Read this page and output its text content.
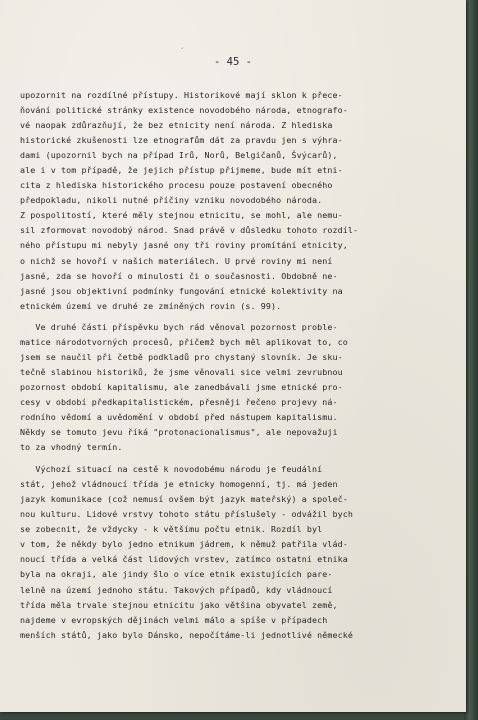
ˏ
- 45 -
upozornit na rozdílné přístupy. Historikové mají sklon k přece-
ňování politické stránky existence novodobého národa, etnografo-
vé naopak zdůrazňují, že bez etnicity není národa. Z hlediska
historické zkušenosti lze etnografům dát za pravdu jen s výhra-
dami (upozornil bych na případ Irů, Norů, Belgičanů, Švýcarů),
ale i v tom případě, že jejich přístup přijmeme, bude mít etni-
cita z hlediska historického procesu pouze postavení obecného
předpokladu, nikoli nutné příčiny vzniku novodobého národa.
Z pospolitostí, které měly stejnou etnicitu, se mohl, ale nemu-
sil zformovat novodobý národ. Snad právě v důsledku tohoto rozdíl-
ného přístupu mi nebyly jasné ony tři roviny promítání etnicity,
o nichž se hovoří v našich materiálech. U prvé roviny mi není
jasné, zda se hovoří o minulosti či o současnosti. Obdobně ne-
jasné jsou objektivní podmínky fungování etnické kolektivity na
etnickém území ve druhé ze zmíněných rovin (s. 99).
Ve druhé části příspěvku bych rád věnoval pozornost proble-
matice národotvorných procesů, přičemž bych měl aplikovat to, co
jsem se naučil při četbě podkladů pro chystaný slovník. Je sku-
tečně slabinou historiků, že jsme věnovali sice velmi zevrubnou
pozornost období kapitalismu, ale zanedbávali jsme etnické pro-
cesy v období předkapitalistickém, přesněji řečeno projevy ná-
rodního vědomí a uvědomění v období před nástupem kapitalismu.
Někdy se tomuto jevu říká "protonacionalismus", ale nepovažuji
to za vhodný termín.
Výchozí situací na cestě k novodobému národu je feudální
stát, jehož vládnoucí třída je etnicky homogenní, tj. má jeden
jazyk komunikace (což nemusí ovšem být jazyk mateřský) a společ-
nou kulturu. Lidové vrstvy tohoto státu příslušely - odvážil bych
se zobecnit, že vždycky - k většímu počtu etnik. Rozdíl byl
v tom, že někdy bylo jedno etnikum jádrem, k němuž patřila vlád-
noucí třída a velká část lidových vrstev, zatímco ostatní etnika
byla na okraji, ale jindy šlo o více etnik existujících pare-
lelně na území jednoho státu. Takových případů, kdy vládnoucí
třída měla trvale stejnou etnicitu jako většina obyvatel země,
najdeme v evropských dějinách velmi málo a spíše v případech
menších států, jako bylo Dánsko, nepočítáme-li jednotlivé německé
